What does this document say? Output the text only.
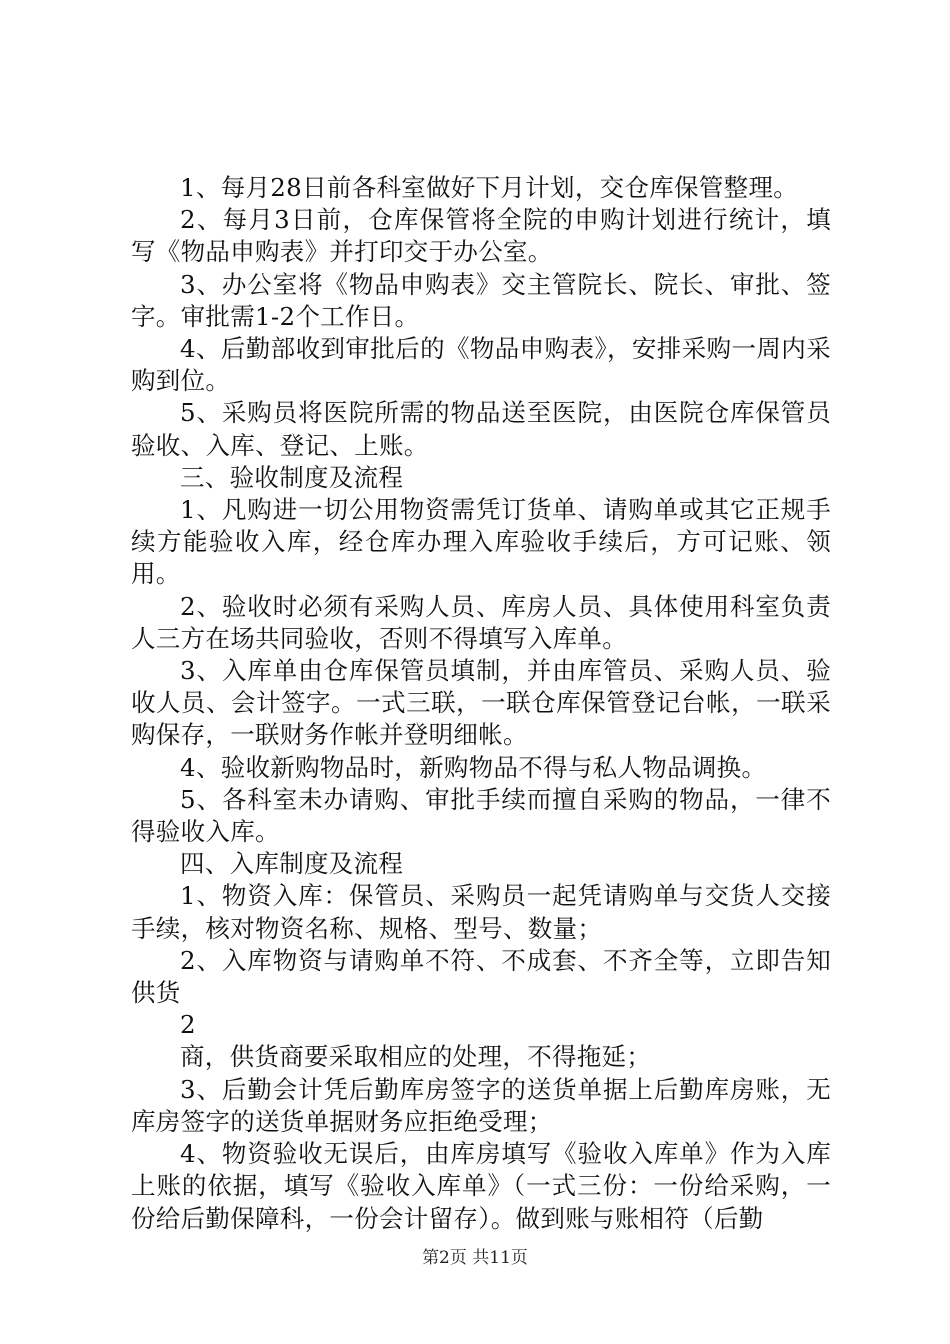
1、每月28日前各科室做好下月计划，交仓库保管整理。

2、每月3日前，仓库保管将全院的申购计划进行统计，填写《物品申购表》并打印交于办公室。

3、办公室将《物品申购表》交主管院长、院长、审批、签字。审批需1-2个工作日。

4、后勤部收到审批后的《物品申购表》，安排采购一周内采购到位。

5、采购员将医院所需的物品送至医院，由医院仓库保管员验收、入库、登记、上账。

三、验收制度及流程

1、凡购进一切公用物资需凭订货单、请购单或其它正规手续方能验收入库，经仓库办理入库验收手续后，方可记账、领用。

2、验收时必须有采购人员、库房人员、具体使用科室负责人三方在场共同验收，否则不得填写入库单。

3、入库单由仓库保管员填制，并由库管员、采购人员、验收人员、会计签字。一式三联，一联仓库保管登记台帐，一联采购保存，一联财务作帐并登明细帐。

4、验收新购物品时，新购物品不得与私人物品调换。

5、各科室未办请购、审批手续而擅自采购的物品，一律不得验收入库。

四、入库制度及流程

1、物资入库：保管员、采购员一起凭请购单与交货人交接手续，核对物资名称、规格、型号、数量；

2、入库物资与请购单不符、不成套、不齐全等，立即告知供货

2

商，供货商要采取相应的处理，不得拖延；

3、后勤会计凭后勤库房签字的送货单据上后勤库房账，无库房签字的送货单据财务应拒绝受理；

4、物资验收无误后，由库房填写《验收入库单》作为入库上账的依据，填写《验收入库单》（一式三份：一份给采购，一份给后勤保障科，一份会计留存）。做到账与账相符（后勤

第2页 共11页
